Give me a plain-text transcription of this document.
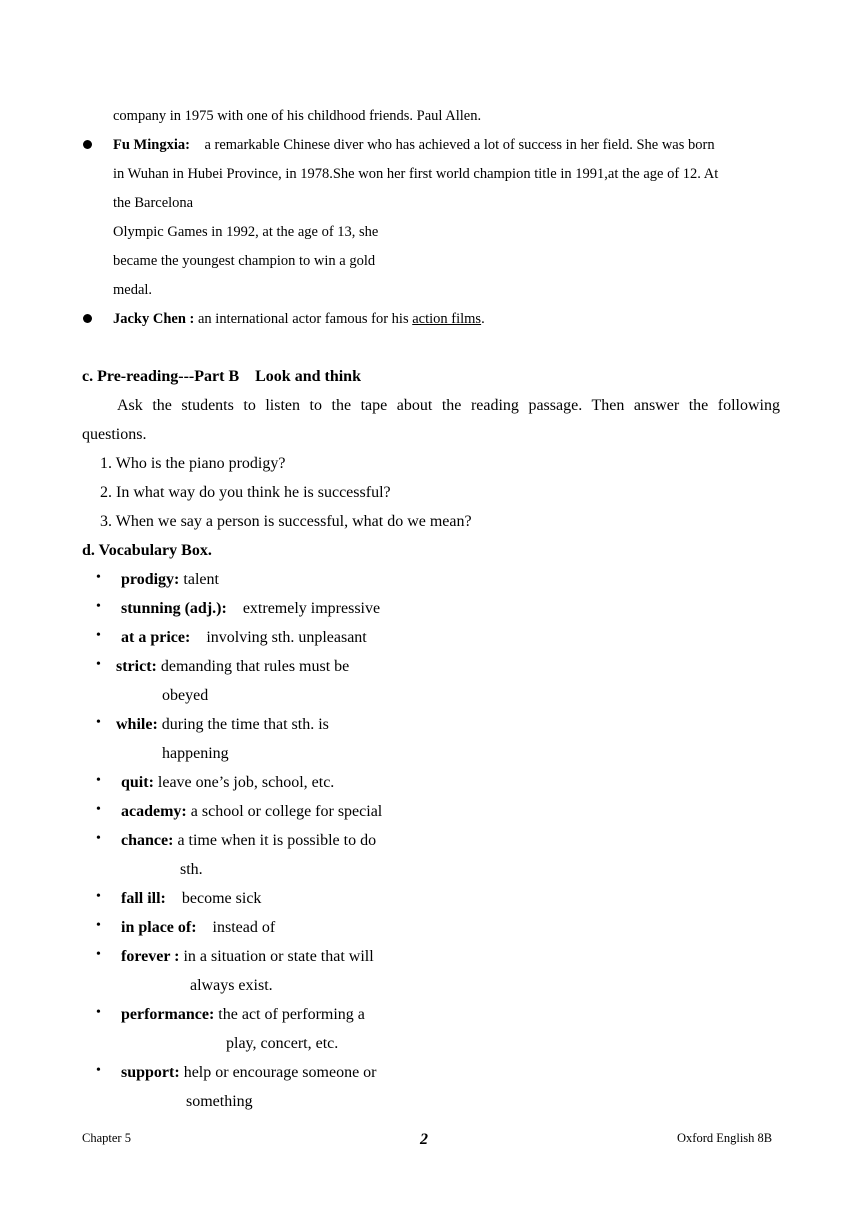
company in 1975 with one of his childhood friends. Paul Allen.
Fu Mingxia: a remarkable Chinese diver who has achieved a lot of success in her field. She was born
in Wuhan in Hubei Province, in 1978.She won her first world champion title in 1991,at the age of 12. At
the Barcelona
Olympic Games in 1992, at the age of 13, she
became the youngest champion to win a gold
medal.
Jacky Chen : an international actor famous for his action films.
c. Pre-reading---Part B    Look and think
Ask the students to listen to the tape about the reading passage. Then answer the following
questions.
1. Who is the piano prodigy?
2. In what way do you think he is successful?
3. When we say a person is successful, what do we mean?
d. Vocabulary Box.
• prodigy: talent
• stunning (adj.):    extremely impressive
• at a price:    involving sth. unpleasant
• strict: demanding that rules must be
obeyed
• while: during the time that sth. is
happening
• quit: leave one’s job, school, etc.
• academy: a school or college for special
• chance: a time when it is possible to do
sth.
• fall ill:    become sick
• in place of:    instead of
• forever : in a situation or state that will
always exist.
• performance: the act of performing a
play, concert, etc.
• support: help or encourage someone or
something
Chapter 5	2	Oxford English 8B
